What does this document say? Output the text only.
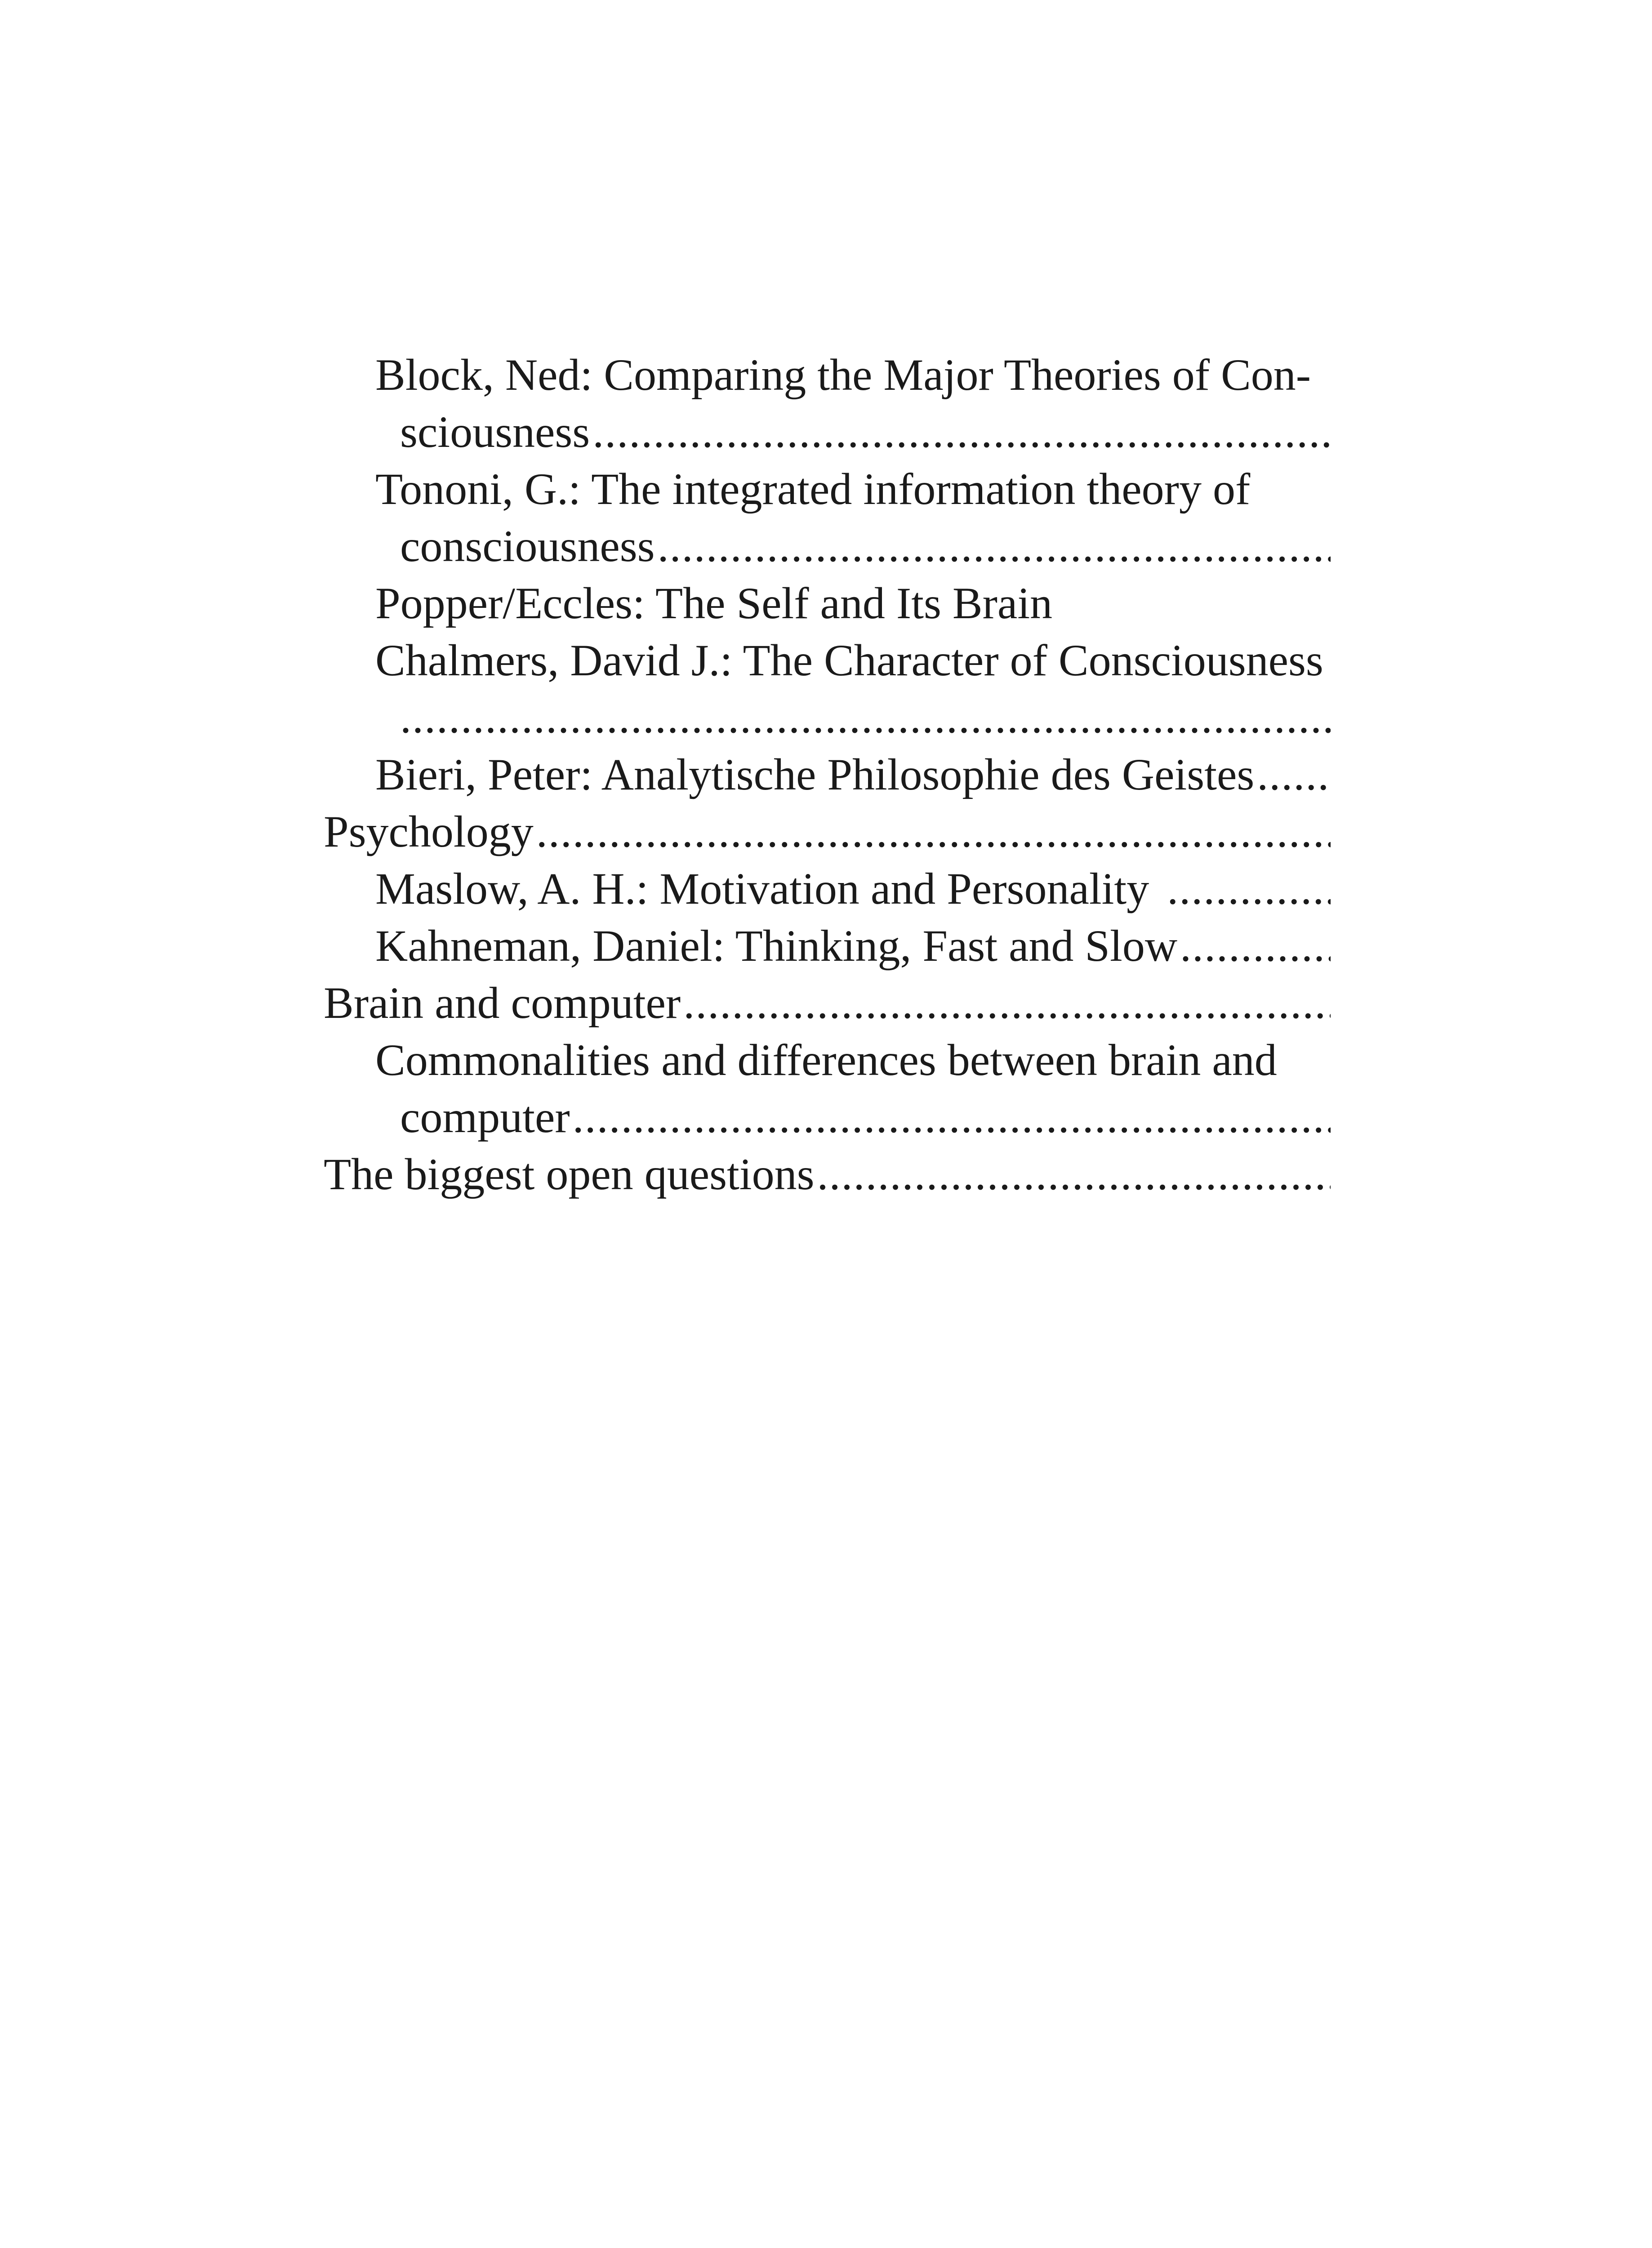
Block, Ned: Comparing the Major Theories of Con-
sciousness
.....
Tononi, G.: The integrated information theory of
consciousness
.....
Popper/Eccles: The Self and Its Brain
Chalmers, David J.: The Character of Consciousness
.....
Bieri, Peter: Analytische Philosophie des Geistes
.....
Psychology
.....
Maslow, A. H.: Motivation and Personality
.....
Kahneman, Daniel: Thinking, Fast and Slow
.....
Brain and computer
.....
Commonalities and differences between brain and
computer
.....
The biggest open questions
.....
